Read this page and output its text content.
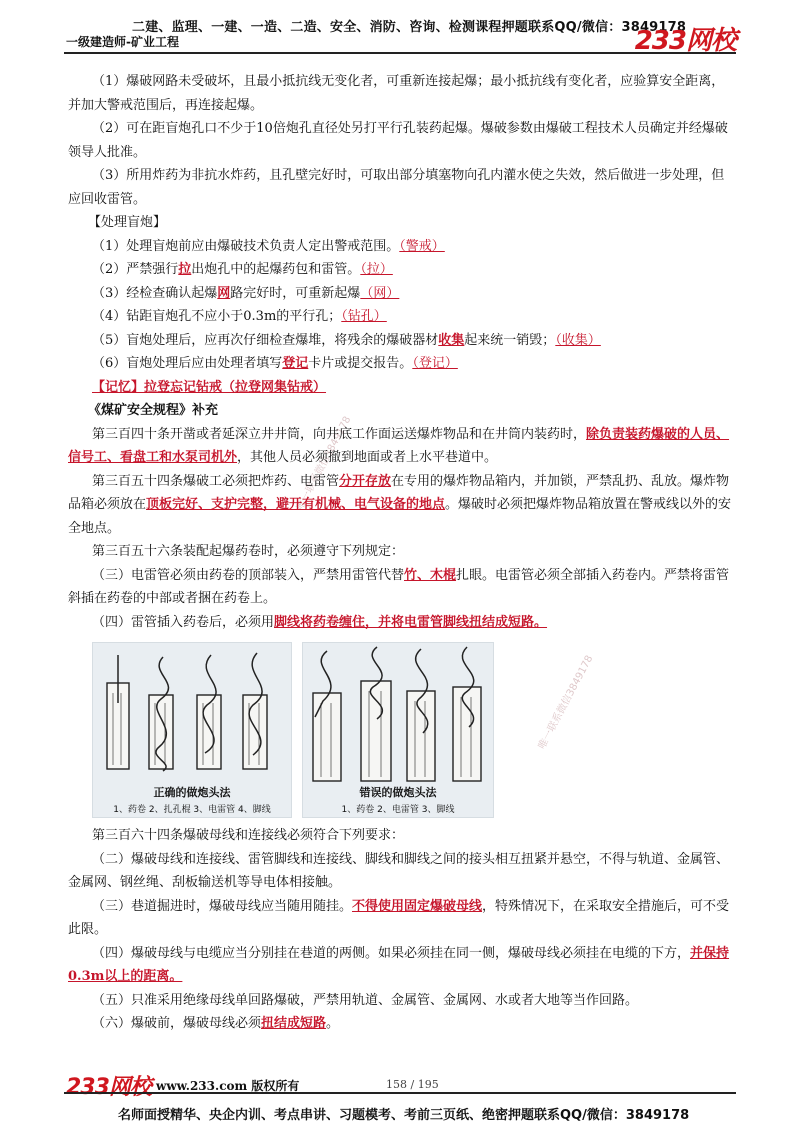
二建、监理、一建、一造、二造、安全、消防、咨询、检测课程押题联系QQ/微信：3849178
一级建造师-矿业工程	233网校
唯一联系微信3849178
唯一联系微信3849178

（1）爆破网路未受破坏，且最小抵抗线无变化者，可重新连接起爆；最小抵抗线有变化者，应验算安全距离，并加大警戒范围后，再连接起爆。

（2）可在距盲炮孔口不少于10倍炮孔直径处另打平行孔装药起爆。爆破参数由爆破工程技术人员确定并经爆破领导人批准。

（3）所用炸药为非抗水炸药，且孔壁完好时，可取出部分填塞物向孔内灌水使之失效，然后做进一步处理，但应回收雷管。

【处理盲炮】

（1）处理盲炮前应由爆破技术负责人定出警戒范围。（警戒）

（2）严禁强行拉出炮孔中的起爆药包和雷管。（拉）

（3）经检查确认起爆网路完好时，可重新起爆（网）

（4）钻距盲炮孔不应小于0.3m的平行孔；（钻孔）

（5）盲炮处理后，应再次仔细检查爆堆，将残余的爆破器材收集起来统一销毁；（收集）

（6）盲炮处理后应由处理者填写登记卡片或提交报告。（登记）

【记忆】拉登忘记钻戒（拉登网集钻戒）

《煤矿安全规程》补充

第三百四十条开凿或者延深立井井筒，向井底工作面运送爆炸物品和在井筒内装药时，除负责装药爆破的人员、信号工、看盘工和水泵司机外，其他人员必须撤到地面或者上水平巷道中。

第三百五十四条爆破工必须把炸药、电雷管分开存放在专用的爆炸物品箱内，并加锁，严禁乱扔、乱放。爆炸物品箱必须放在顶板完好、支护完整，避开有机械、电气设备的地点。爆破时必须把爆炸物品箱放置在警戒线以外的安全地点。

第三百五十六条装配起爆药卷时，必须遵守下列规定：

（三）电雷管必须由药卷的顶部装入，严禁用雷管代替竹、木棍扎眼。电雷管必须全部插入药卷内。严禁将雷管斜插在药卷的中部或者捆在药卷上。

（四）雷管插入药卷后，必须用脚线将药卷缠住，并将电雷管脚线扭结成短路。

正确的做炮头法
1、药卷 2、扎孔棍 3、电雷管 4、脚线
错误的做炮头法
1、药卷 2、电雷管 3、脚线

第三百六十四条爆破母线和连接线必须符合下列要求：

（二）爆破母线和连接线、雷管脚线和连接线、脚线和脚线之间的接头相互扭紧并悬空，不得与轨道、金属管、金属网、钢丝绳、刮板输送机等导电体相接触。

（三）巷道掘进时，爆破母线应当随用随挂。不得使用固定爆破母线，特殊情况下，在采取安全措施后，可不受此限。

（四）爆破母线与电缆应当分别挂在巷道的两侧。如果必须挂在同一侧，爆破母线必须挂在电缆的下方，并保持0.3m以上的距离。

（五）只准采用绝缘母线单回路爆破，严禁用轨道、金属管、金属网、水或者大地等当作回路。

（六）爆破前，爆破母线必须扭结成短路。

233网校 www.233.com 版权所有	158 / 195
名师面授精华、央企内训、考点串讲、习题模考、考前三页纸、绝密押题联系QQ/微信：3849178
